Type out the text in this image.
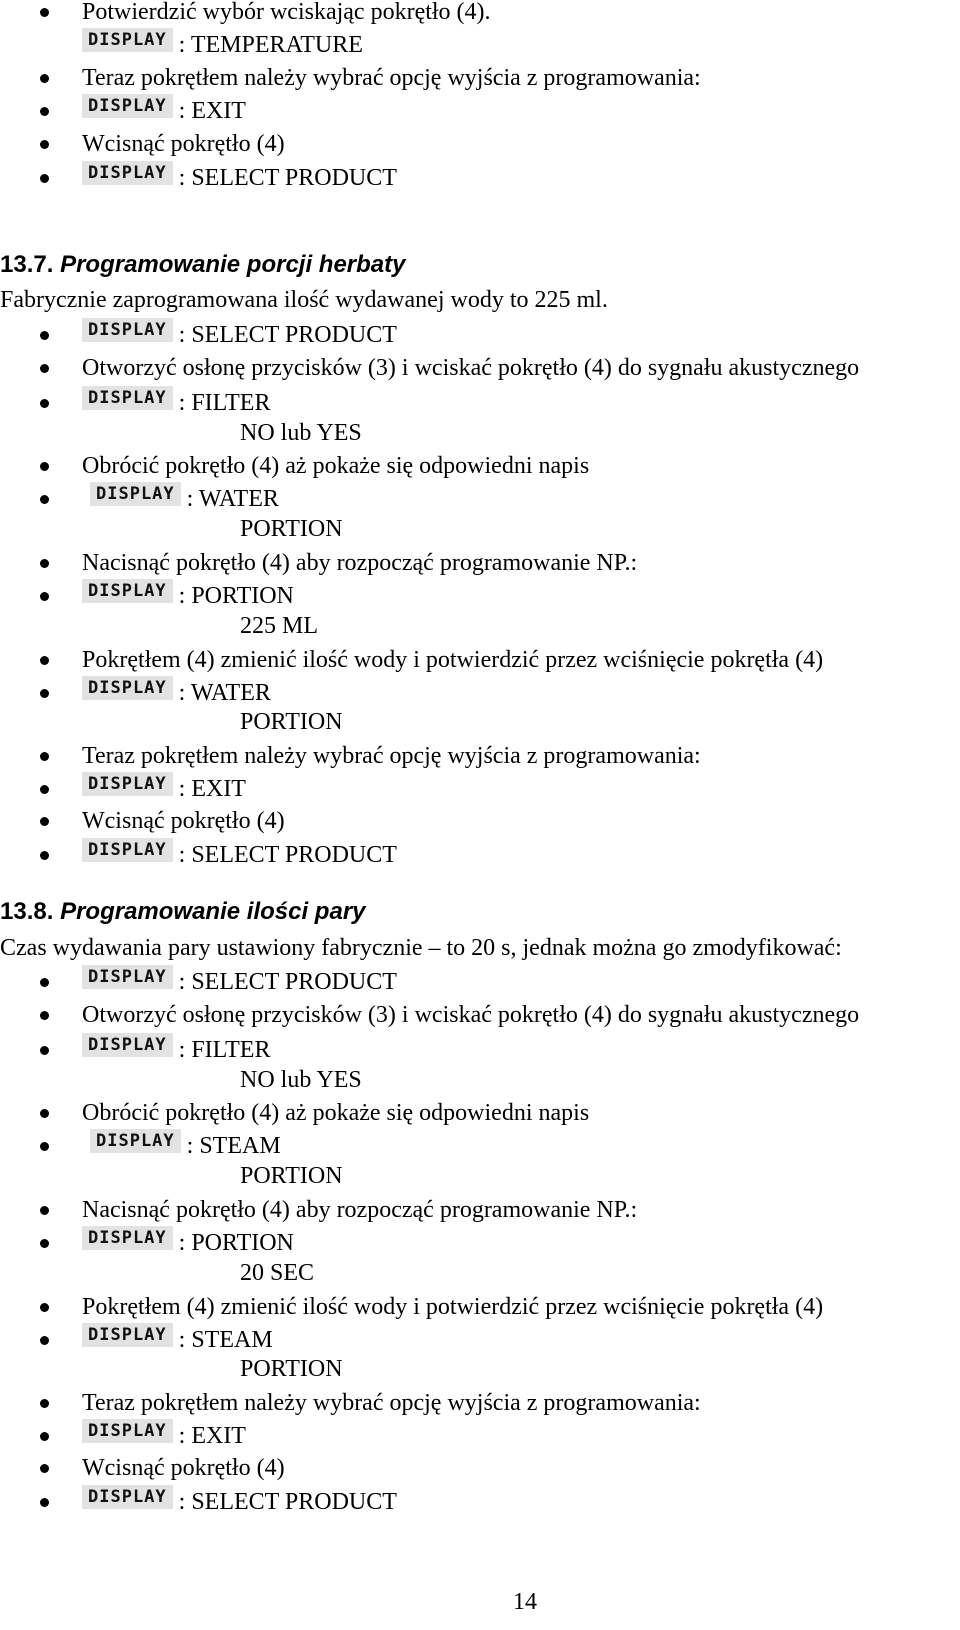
Potwierdzić wybór wciskając pokrętło (4).
DISPLAY : TEMPERATURE
Teraz pokrętłem należy wybrać opcję wyjścia z programowania:
DISPLAY : EXIT
Wcisnąć pokrętło (4)
DISPLAY : SELECT PRODUCT
13.7. Programowanie porcji herbaty
Fabrycznie zaprogramowana ilość wydawanej wody to 225 ml.
DISPLAY : SELECT PRODUCT
Otworzyć osłonę przycisków (3) i wciskać pokrętło (4) do sygnału akustycznego
DISPLAY : FILTER
NO lub YES
Obrócić pokrętło (4) aż pokaże się odpowiedni napis
DISPLAY : WATER
PORTION
Nacisnąć pokrętło (4) aby rozpocząć programowanie NP.:
DISPLAY : PORTION
225 ML
Pokrętłem (4) zmienić ilość wody i potwierdzić przez wciśnięcie pokrętła (4)
DISPLAY : WATER
PORTION
Teraz pokrętłem należy wybrać opcję wyjścia z programowania:
DISPLAY : EXIT
Wcisnąć pokrętło (4)
DISPLAY : SELECT PRODUCT
13.8. Programowanie ilości pary
Czas wydawania pary ustawiony fabrycznie – to 20 s, jednak można go zmodyfikować:
DISPLAY : SELECT PRODUCT
Otworzyć osłonę przycisków (3) i wciskać pokrętło (4) do sygnału akustycznego
DISPLAY : FILTER
NO lub YES
Obrócić pokrętło (4) aż pokaże się odpowiedni napis
DISPLAY : STEAM
PORTION
Nacisnąć pokrętło (4) aby rozpocząć programowanie NP.:
DISPLAY : PORTION
20 SEC
Pokrętłem (4) zmienić ilość wody i potwierdzić przez wciśnięcie pokrętła (4)
DISPLAY : STEAM
PORTION
Teraz pokrętłem należy wybrać opcję wyjścia z programowania:
DISPLAY : EXIT
Wcisnąć pokrętło (4)
DISPLAY : SELECT PRODUCT
14
